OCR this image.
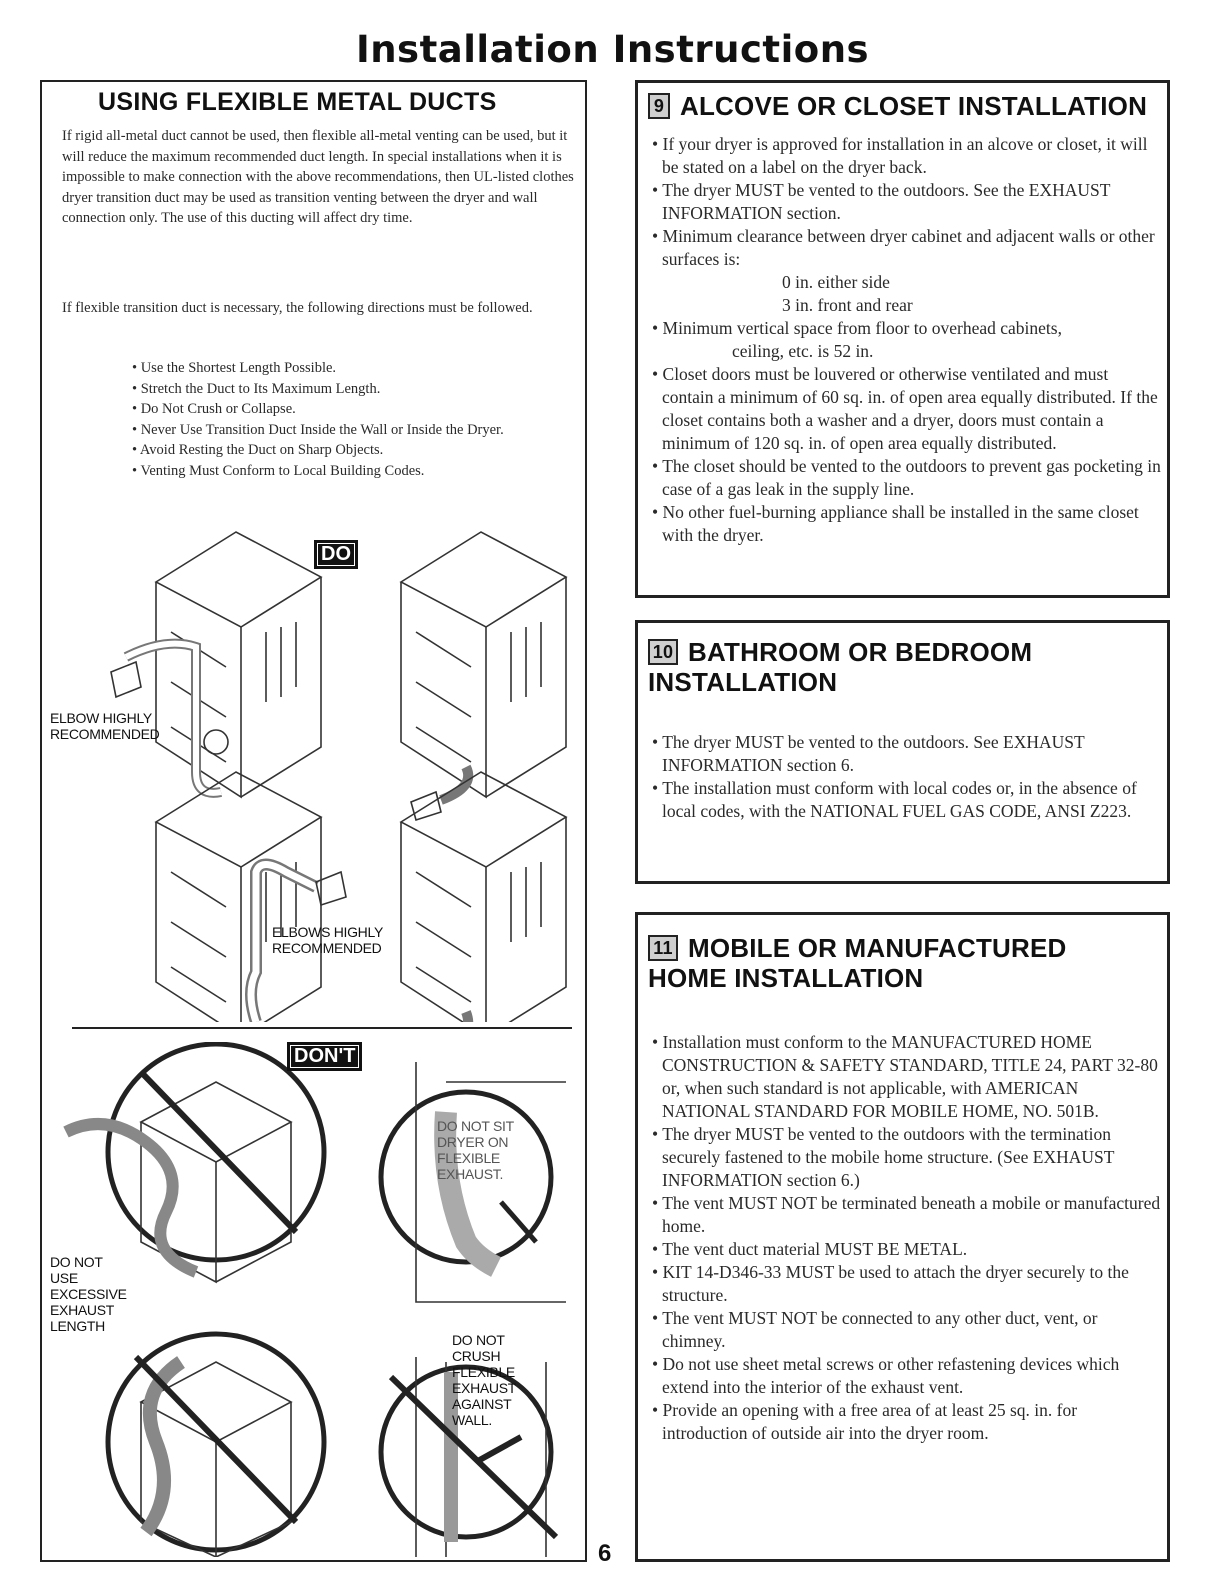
Installation Instructions
USING FLEXIBLE METAL DUCTS

If rigid all-metal duct cannot be used, then flexible all-metal venting can be used, but it will reduce the maximum recommended duct length. In special installations when it is impossible to make connection with the above recommendations, then UL-listed clothes dryer transition duct may be used as transition venting between the dryer and wall connection only. The use of this ducting will affect dry time.

If flexible transition duct is necessary, the following directions must be followed.

• Use the Shortest Length Possible.
• Stretch the Duct to Its Maximum Length.
• Do Not Crush or Collapse.
• Never Use Transition Duct Inside the Wall or Inside the Dryer.
• Avoid Resting the Duct on Sharp Objects.
• Venting Must Conform to Local Building Codes.
DO
ELBOW HIGHLY RECOMMENDED
ELBOWS HIGHLY RECOMMENDED
DON'T
DO NOT USE EXCESSIVE EXHAUST LENGTH
DO NOT SIT DRYER ON FLEXIBLE EXHAUST.
DO NOT CRUSH FLEXIBLE EXHAUST AGAINST WALL.
9 ALCOVE OR CLOSET INSTALLATION
• If your dryer is approved for installation in an alcove or closet, it will be stated on a label on the dryer back.
• The dryer MUST be vented to the outdoors. See the EXHAUST INFORMATION section.
• Minimum clearance between dryer cabinet and adjacent walls or other surfaces is:
0 in. either side
3 in. front and rear
• Minimum vertical space from floor to overhead cabinets,
ceiling, etc. is 52 in.
• Closet doors must be louvered or otherwise ventilated and must contain a minimum of 60 sq. in. of open area equally distributed. If the closet contains both a washer and a dryer, doors must contain a minimum of 120 sq. in. of open area equally distributed.
• The closet should be vented to the outdoors to prevent gas pocketing in case of a gas leak in the supply line.
• No other fuel-burning appliance shall be installed in the same closet with the dryer.
10 BATHROOM OR BEDROOM
INSTALLATION
• The dryer MUST be vented to the outdoors. See EXHAUST INFORMATION section 6.
• The installation must conform with local codes or, in the absence of local codes, with the NATIONAL FUEL GAS CODE, ANSI Z223.
11 MOBILE OR MANUFACTURED
HOME INSTALLATION
• Installation must conform to the MANUFACTURED HOME CONSTRUCTION & SAFETY STANDARD, TITLE 24, PART 32-80 or, when such standard is not applicable, with AMERICAN NATIONAL STANDARD FOR MOBILE HOME, NO. 501B.
• The dryer MUST be vented to the outdoors with the termination securely fastened to the mobile home structure. (See EXHAUST INFORMATION section 6.)
• The vent MUST NOT be terminated beneath a mobile or manufactured home.
• The vent duct material MUST BE METAL.
• KIT 14-D346-33 MUST be used to attach the dryer securely to the structure.
• The vent MUST NOT be connected to any other duct, vent, or chimney.
• Do not use sheet metal screws or other refastening devices which extend into the interior of the exhaust vent.
• Provide an opening with a free area of at least 25 sq. in. for introduction of outside air into the dryer room.
6
